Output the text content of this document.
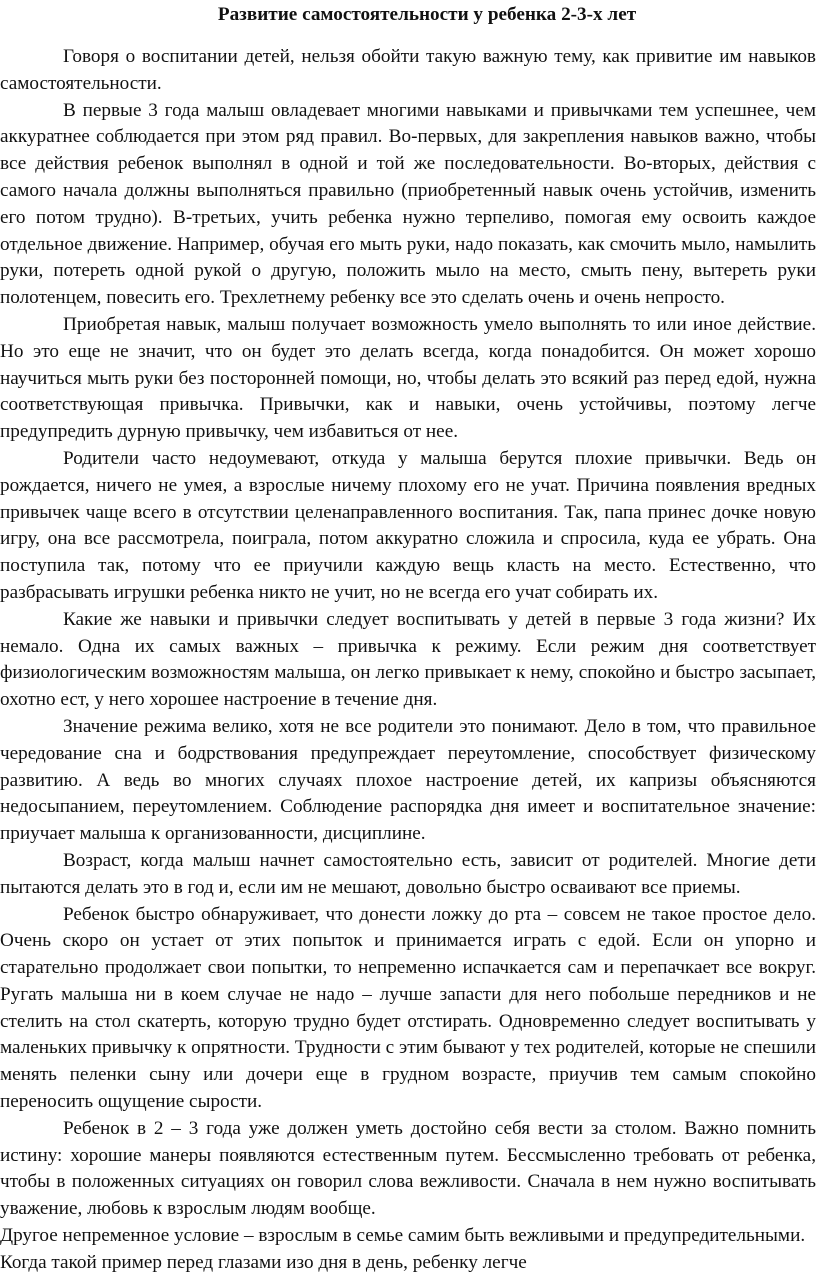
Развитие самостоятельности у ребенка 2-3-х лет

Говоря о воспитании детей, нельзя обойти такую важную тему, как привитие им навыков самостоятельности.

В первые 3 года малыш овладевает многими навыками и привычками тем успешнее, чем аккуратнее соблюдается при этом ряд правил. Во-первых, для закрепления навыков важно, чтобы все действия ребенок выполнял в одной и той же последовательности. Во-вторых, действия с самого начала должны выполняться правильно (приобретенный навык очень устойчив, изменить его потом трудно). В-третьих, учить ребенка нужно терпеливо, помогая ему освоить каждое отдельное движение. Например, обучая его мыть руки, надо показать, как смочить мыло, намылить руки, потереть одной рукой о другую, положить мыло на место, смыть пену, вытереть руки полотенцем, повесить его. Трехлетнему ребенку все это сделать очень и очень непросто.

Приобретая навык, малыш получает возможность умело выполнять то или иное действие. Но это еще не значит, что он будет это делать всегда, когда понадобится. Он может хорошо научиться мыть руки без посторонней помощи, но, чтобы делать это всякий раз перед едой, нужна соответствующая привычка. Привычки, как и навыки, очень устойчивы, поэтому легче предупредить дурную привычку, чем избавиться от нее.

Родители часто недоумевают, откуда у малыша берутся плохие привычки. Ведь он рождается, ничего не умея, а взрослые ничему плохому его не учат. Причина появления вредных привычек чаще всего в отсутствии целенаправленного воспитания. Так, папа принес дочке новую игру, она все рассмотрела, поиграла, потом аккуратно сложила и спросила, куда ее убрать. Она поступила так, потому что ее приучили каждую вещь класть на место. Естественно, что разбрасывать игрушки ребенка никто не учит, но не всегда его учат собирать их.

Какие же навыки и привычки следует воспитывать у детей в первые 3 года жизни? Их немало. Одна их самых важных – привычка к режиму. Если режим дня соответствует физиологическим возможностям малыша, он легко привыкает к нему, спокойно и быстро засыпает, охотно ест, у него хорошее настроение в течение дня.

Значение режима велико, хотя не все родители это понимают. Дело в том, что правильное чередование сна и бодрствования предупреждает переутомление, способствует физическому развитию. А ведь во многих случаях плохое настроение детей, их капризы объясняются недосыпанием, переутомлением. Соблюдение распорядка дня имеет и воспитательное значение: приучает малыша к организованности, дисциплине.

Возраст, когда малыш начнет самостоятельно есть, зависит от родителей. Многие дети пытаются делать это в год и, если им не мешают, довольно быстро осваивают все приемы.

Ребенок быстро обнаруживает, что донести ложку до рта – совсем не такое простое дело. Очень скоро он устает от этих попыток и принимается играть с едой. Если он упорно и старательно продолжает свои попытки, то непременно испачкается сам и перепачкает все вокруг. Ругать малыша ни в коем случае не надо – лучше запасти для него побольше передников и не стелить на стол скатерть, которую трудно будет отстирать. Одновременно следует воспитывать у маленьких привычку к опрятности. Трудности с этим бывают у тех родителей, которые не спешили менять пеленки сыну или дочери еще в грудном возрасте, приучив тем самым спокойно переносить ощущение сырости.

Ребенок в 2 – 3 года уже должен уметь достойно себя вести за столом. Важно помнить истину: хорошие манеры появляются естественным путем. Бессмысленно требовать от ребенка, чтобы в положенных ситуациях он говорил слова вежливости. Сначала в нем нужно воспитывать уважение, любовь к взрослым людям вообще.

Другое непременное условие – взрослым в семье самим быть вежливыми и предупредительными. Когда такой пример перед глазами изо дня в день, ребенку легче
